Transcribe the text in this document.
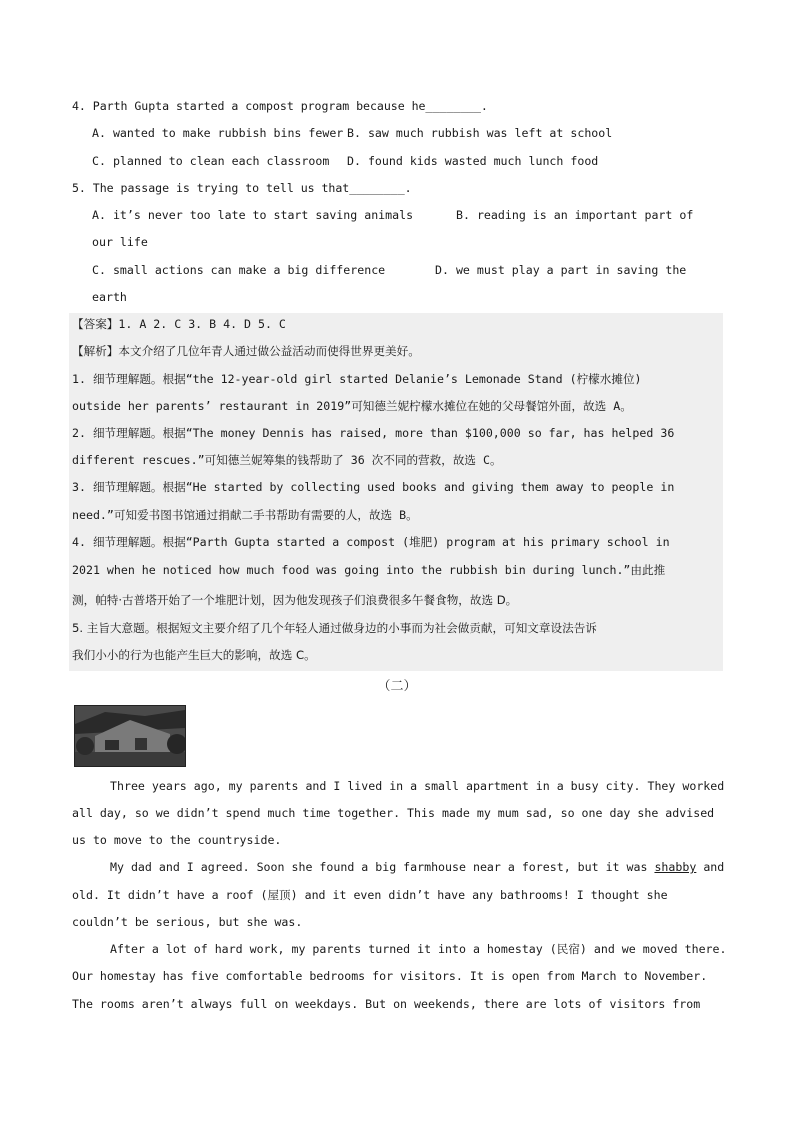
4. Parth Gupta started a compost program because he________.
A. wanted to make rubbish bins fewer B. saw much rubbish was left at school
C. planned to clean each classroom D. found kids wasted much lunch food
5. The passage is trying to tell us that________.
A. it’s never too late to start saving animals	B. reading is an important part of
our life
C. small actions can make a big difference	D. we must play a part in saving the
earth
【答案】1. A 2. C 3. B 4. D 5. C
【解析】本文介绍了几位年青人通过做公益活动而使得世界更美好。
1. 细节理解题。根据“the 12-year-old girl started Delanie’s Lemonade Stand (柠檬水摊位)
outside her parents’ restaurant in 2019”可知德兰妮柠檬水摊位在她的父母餐馆外面，故选 A。
2. 细节理解题。根据“The money Dennis has raised, more than $100,000 so far, has helped 36
different rescues.”可知德兰妮筹集的钱帮助了 36 次不同的营救，故选 C。
3. 细节理解题。根据“He started by collecting used books and giving them away to people in
need.”可知爱书图书馆通过捐献二手书帮助有需要的人，故选 B。
4. 细节理解题。根据“Parth Gupta started a compost (堆肥) program at his primary school in
2021 when he noticed how much food was going into the rubbish bin during lunch.”由此推
测，帕特·古普塔开始了一个堆肥计划，因为他发现孩子们浪费很多午餐食物，故选 D。
5. 主旨大意题。根据短文主要介绍了几个年轻人通过做身边的小事而为社会做贡献，可知文章设法告诉
我们小小的行为也能产生巨大的影响，故选 C。
（二）
Three years ago, my parents and I lived in a small apartment in a busy city. They worked
all day, so we didn’t spend much time together. This made my mum sad, so one day she advised
us to move to the countryside.
My dad and I agreed. Soon she found a big farmhouse near a forest, but it was shabby and
old. It didn’t have a roof (屋顶) and it even didn’t have any bathrooms! I thought she
couldn’t be serious, but she was.
After a lot of hard work, my parents turned it into a homestay (民宿) and we moved there.
Our homestay has five comfortable bedrooms for visitors. It is open from March to November.
The rooms aren’t always full on weekdays. But on weekends, there are lots of visitors from
